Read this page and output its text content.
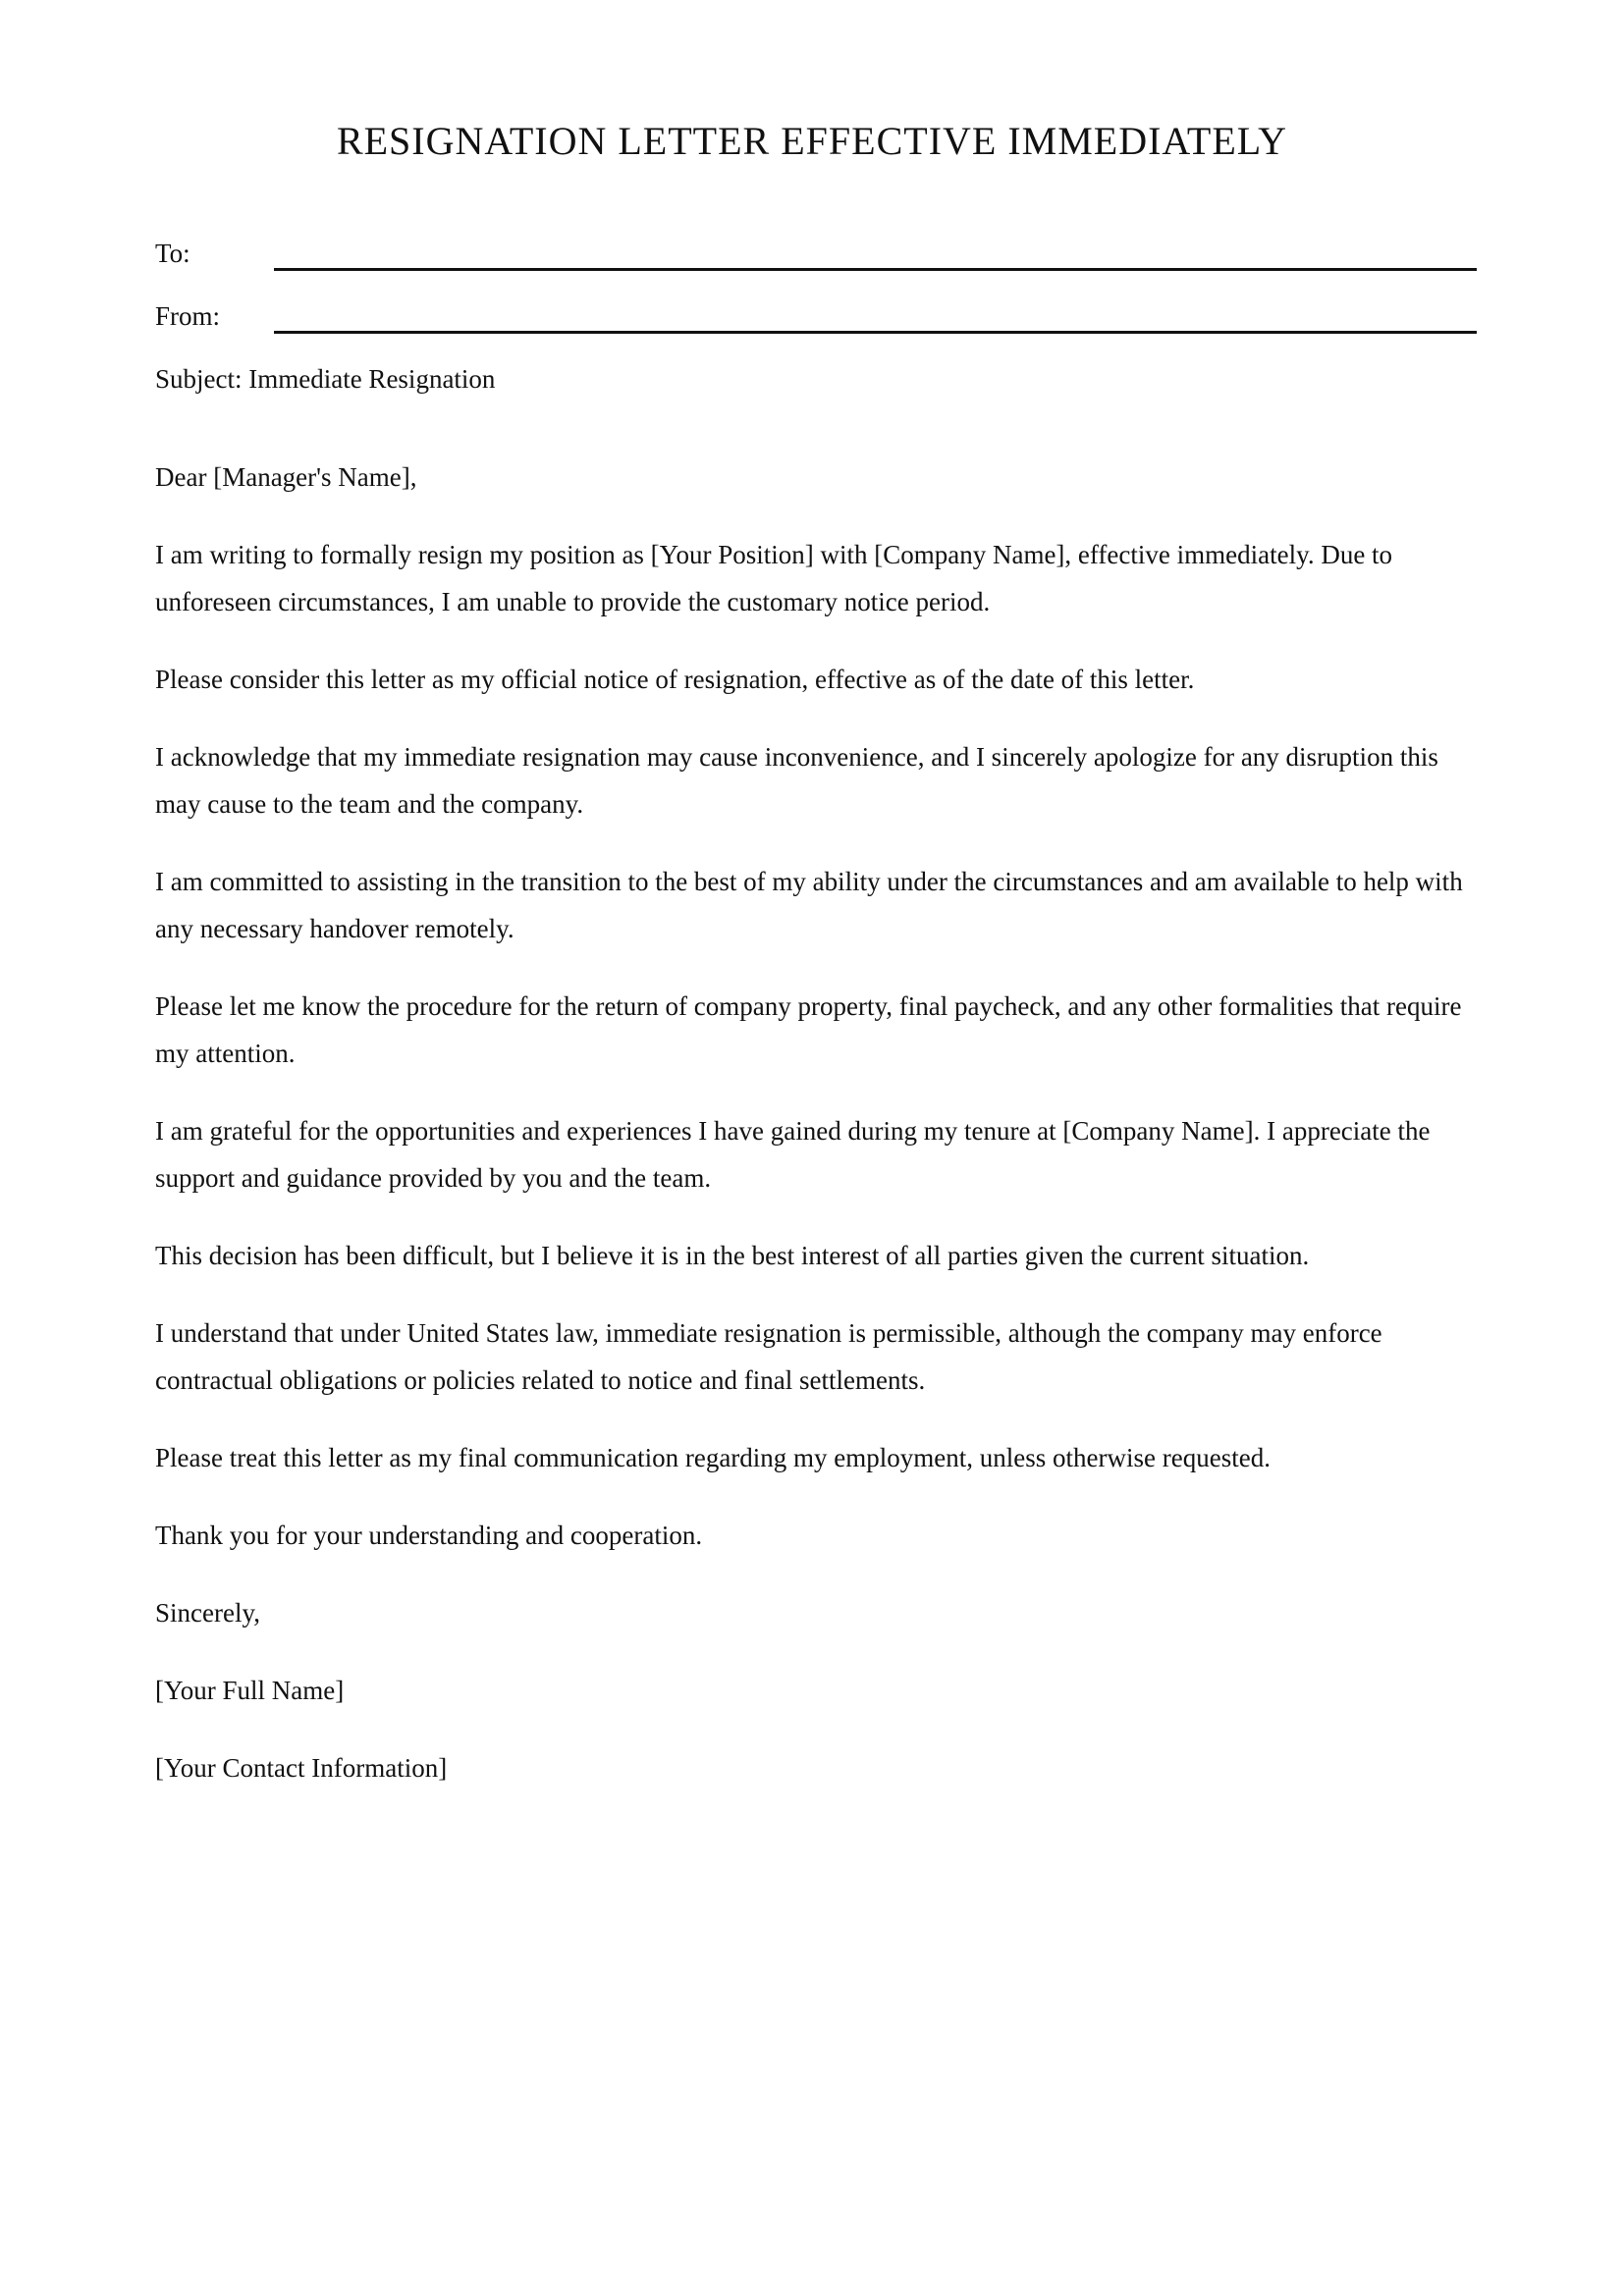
RESIGNATION LETTER EFFECTIVE IMMEDIATELY
To:
From:
Subject: Immediate Resignation

Dear [Manager's Name],

I am writing to formally resign my position as [Your Position] with [Company Name], effective immediately. Due to unforeseen circumstances, I am unable to provide the customary notice period.

Please consider this letter as my official notice of resignation, effective as of the date of this letter.

I acknowledge that my immediate resignation may cause inconvenience, and I sincerely apologize for any disruption this may cause to the team and the company.

I am committed to assisting in the transition to the best of my ability under the circumstances and am available to help with any necessary handover remotely.

Please let me know the procedure for the return of company property, final paycheck, and any other formalities that require my attention.

I am grateful for the opportunities and experiences I have gained during my tenure at [Company Name]. I appreciate the support and guidance provided by you and the team.

This decision has been difficult, but I believe it is in the best interest of all parties given the current situation.

I understand that under United States law, immediate resignation is permissible, although the company may enforce contractual obligations or policies related to notice and final settlements.

Please treat this letter as my final communication regarding my employment, unless otherwise requested.

Thank you for your understanding and cooperation.

Sincerely,

[Your Full Name]

[Your Contact Information]
